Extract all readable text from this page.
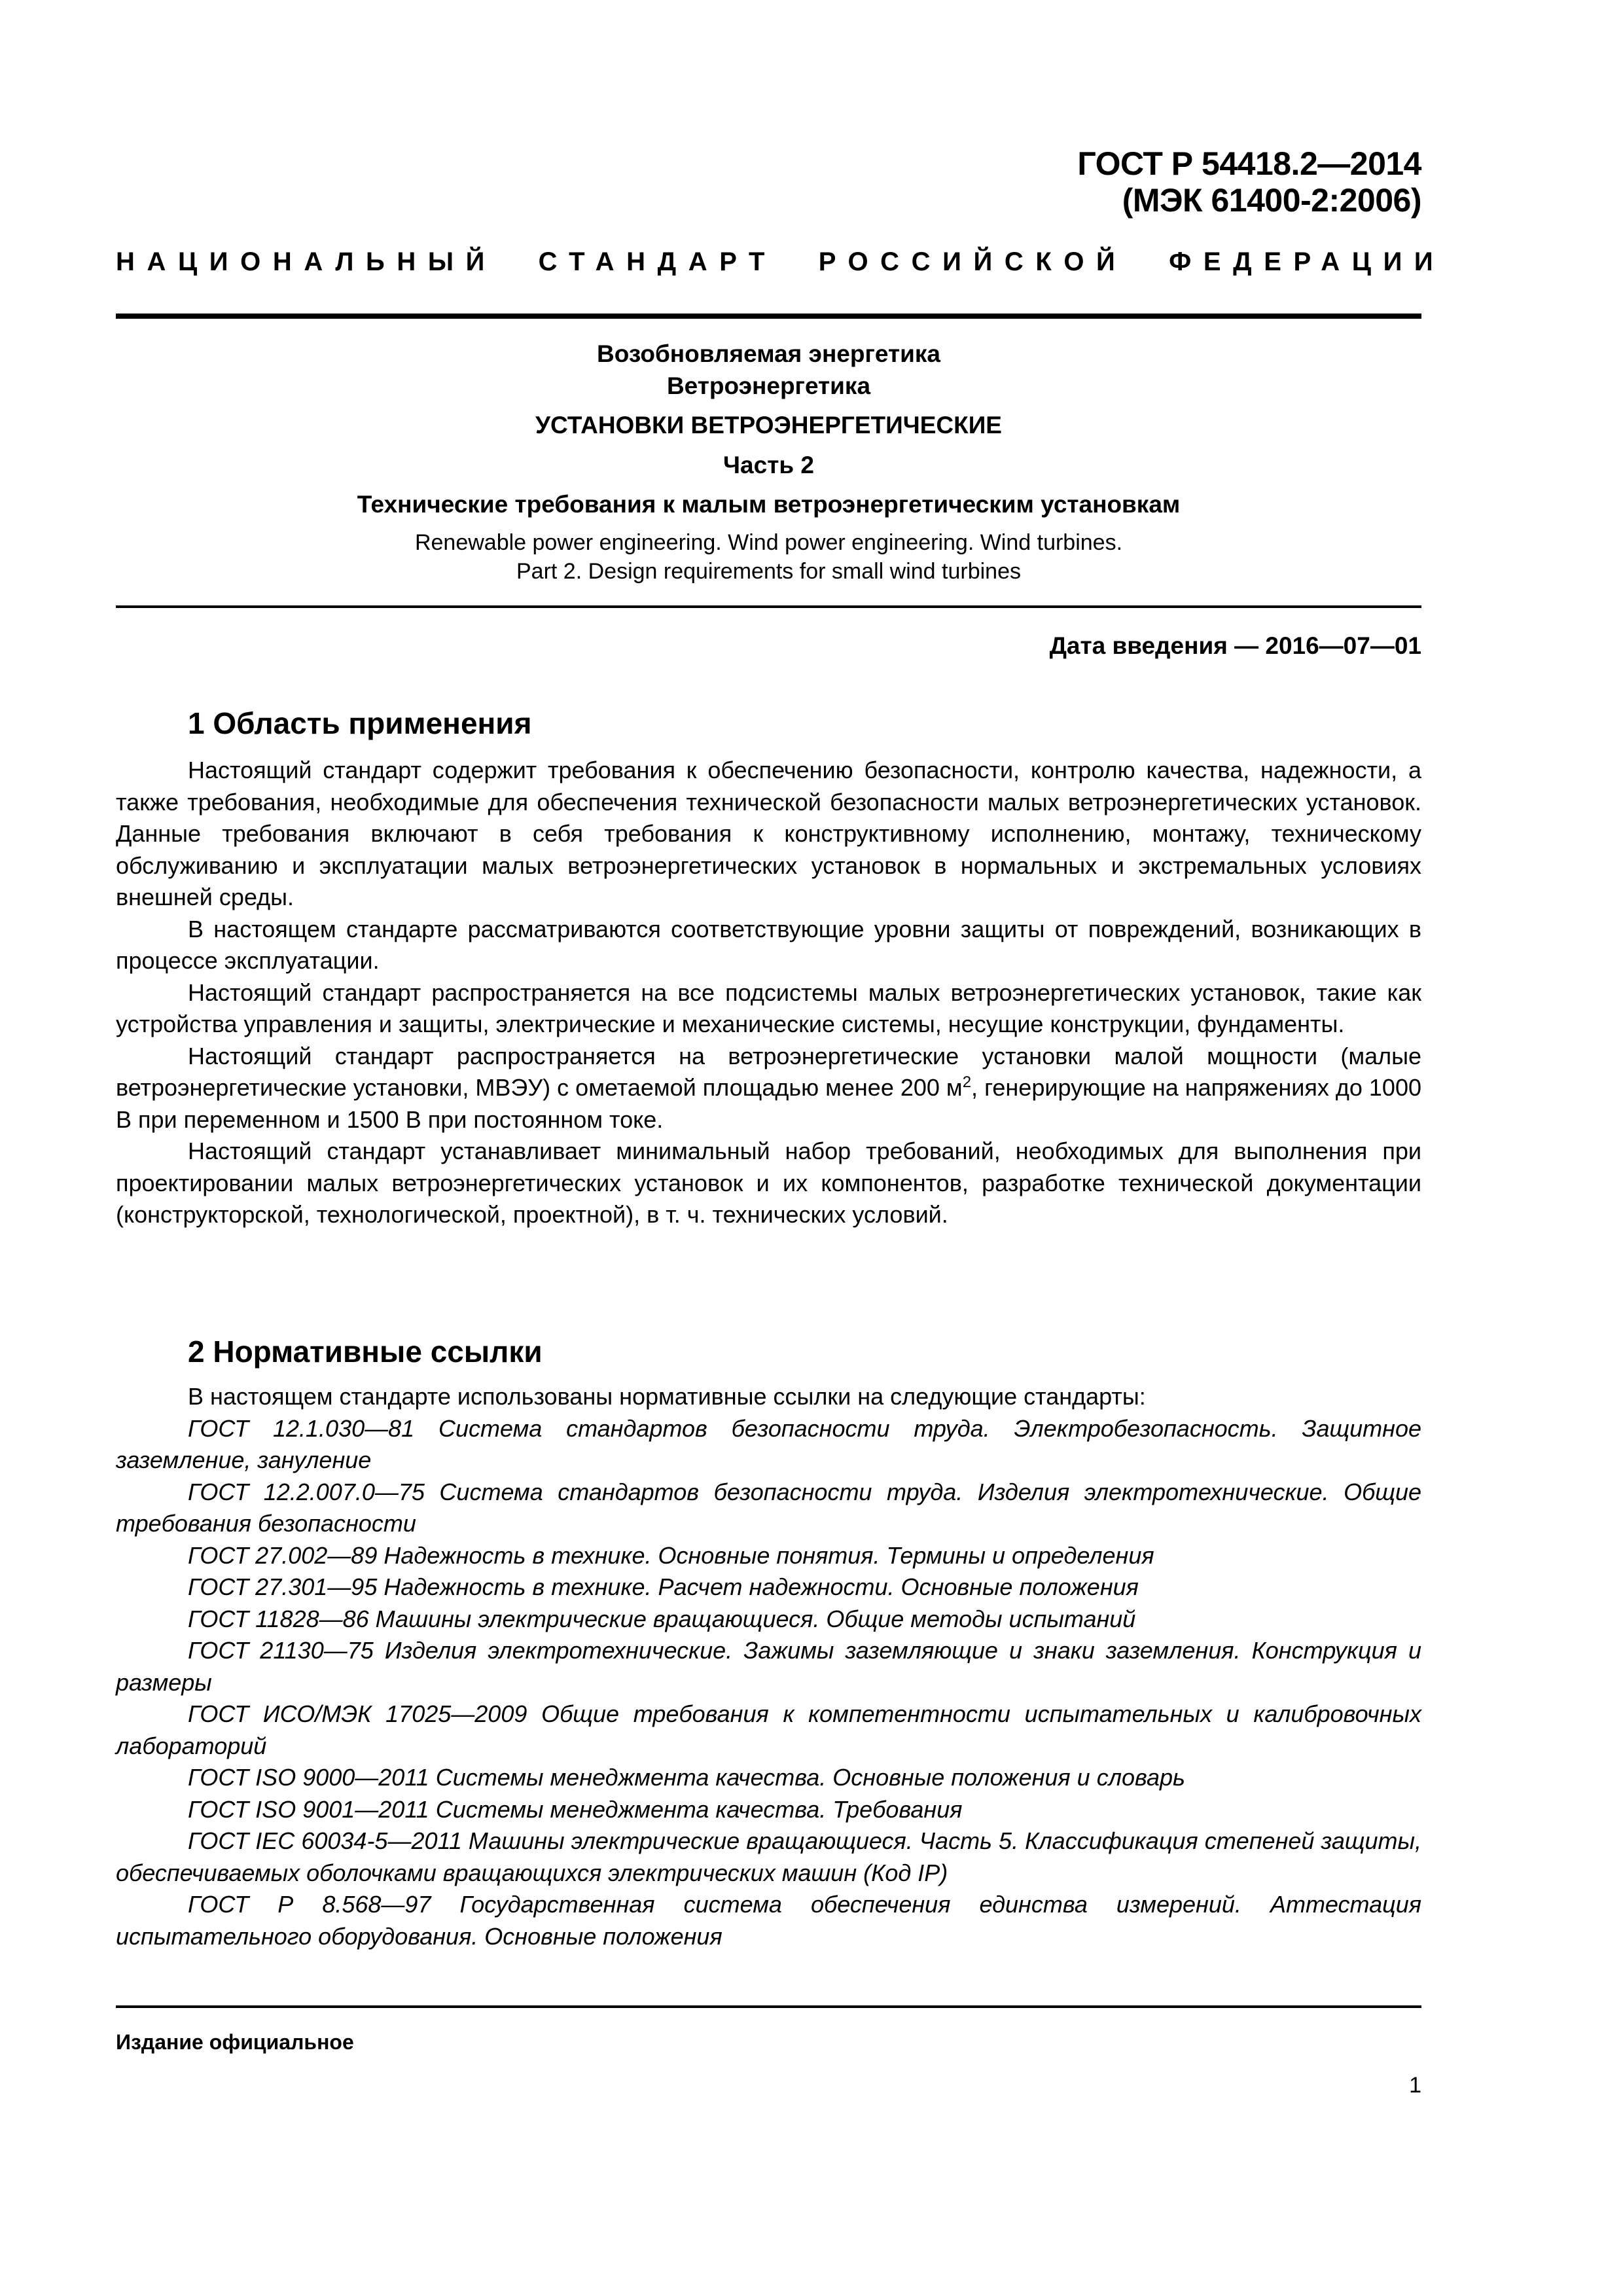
ГОСТ Р 54418.2—2014
(МЭК 61400-2:2006)
НАЦИОНАЛЬНЫЙ СТАНДАРТ РОССИЙСКОЙ ФЕДЕРАЦИИ
Возобновляемая энергетика
Ветроэнергетика
УСТАНОВКИ ВЕТРОЭНЕРГЕТИЧЕСКИЕ
Часть 2
Технические требования к малым ветроэнергетическим установкам
Renewable power engineering. Wind power engineering. Wind turbines.
Part 2. Design requirements for small wind turbines
Дата введения — 2016—07—01
1 Область применения

Настоящий стандарт содержит требования к обеспечению безопасности, контролю качества, надежности, а также требования, необходимые для обеспечения технической безопасности малых ветроэнергетических установок. Данные требования включают в себя требования к конструктивному исполнению, монтажу, техническому обслуживанию и эксплуатации малых ветроэнергетических установок в нормальных и экстремальных условиях внешней среды.

В настоящем стандарте рассматриваются соответствующие уровни защиты от повреждений, возникающих в процессе эксплуатации.

Настоящий стандарт распространяется на все подсистемы малых ветроэнергетических установок, такие как устройства управления и защиты, электрические и механические системы, несущие конструкции, фундаменты.

Настоящий стандарт распространяется на ветроэнергетические установки малой мощности (малые ветроэнергетические установки, МВЭУ) с ометаемой площадью менее 200 $м^2$, генерирующие на напряжениях до 1000 В при переменном и 1500 В при постоянном токе.

Настоящий стандарт устанавливает минимальный набор требований, необходимых для выполнения при проектировании малых ветроэнергетических установок и их компонентов, разработке технической документации (конструкторской, технологической, проектной), в т. ч. технических условий.

2 Нормативные ссылки

В настоящем стандарте использованы нормативные ссылки на следующие стандарты:

ГОСТ 12.1.030—81 Система стандартов безопасности труда. Электробезопасность. Защитное заземление, зануление

ГОСТ 12.2.007.0—75 Система стандартов безопасности труда. Изделия электротехнические. Общие требования безопасности

ГОСТ 27.002—89 Надежность в технике. Основные понятия. Термины и определения

ГОСТ 27.301—95 Надежность в технике. Расчет надежности. Основные положения

ГОСТ 11828—86 Машины электрические вращающиеся. Общие методы испытаний

ГОСТ 21130—75 Изделия электротехнические. Зажимы заземляющие и знаки заземления. Конструкция и размеры

ГОСТ ИСО/МЭК 17025—2009 Общие требования к компетентности испытательных и калибровочных лабораторий

ГОСТ ISO 9000—2011 Системы менеджмента качества. Основные положения и словарь

ГОСТ ISO 9001—2011 Системы менеджмента качества. Требования

ГОСТ IEC 60034-5—2011 Машины электрические вращающиеся. Часть 5. Классификация степеней защиты, обеспечиваемых оболочками вращающихся электрических машин (Код IP)

ГОСТ Р 8.568—97 Государственная система обеспечения единства измерений. Аттестация испытательного оборудования. Основные положения

Издание официальное
1
